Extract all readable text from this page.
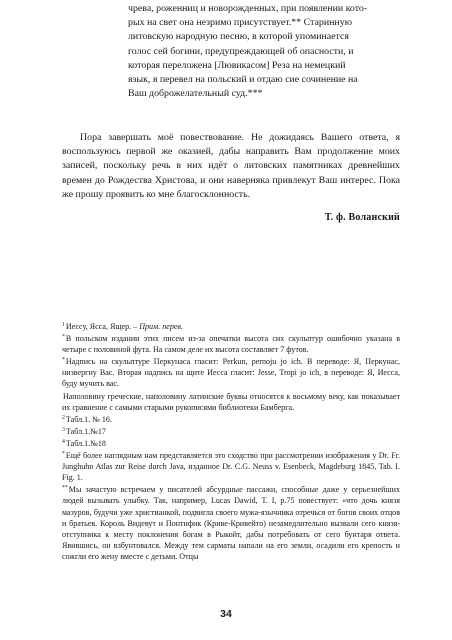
чрева, роженниц и новорожденных, при появлении кото-

рых на свет она незримо присутствует.** Старинную

литовскую народную песню, в которой упоминается

голос сей богини, предупреждающей об опасности, и

которая переложена [Лювикасом] Реза на немецкий

язык, я перевел на польский и отдаю сие сочинение на

Ваш доброжелательный суд.***

Пора завершать моё повествование. Не дожидаясь Вашего ответа, я воспользуюсь первой же оказией, дабы направить Вам продолжение моих записей, поскольку речь в них идёт о литовских памятниках древнейших времен до Рождества Христова, и они наверняка привлекут Ваш интерес. Пока же прошу проявить ко мне благосклонность.

Т. ф. Воланский

$^1$Иессу, Ясса, Ящер. – Прим. перев.

*В польском издании этих писем из-за опечатки высота сих скульптур ошибочно указана в четыре с половиной фута. На самом деле их высота составляет 7 футов.

*Надпись на скульптуре Перкунаса гласит: Perkun, pernoju jo ich. В переводе: Я, Перкунас, низвергну Вас. Вторая надпись на щите Иесса гласит: Jesse, Tropi jo ich, в переводе: Я, Иесса, буду мучить вас.

Наполовину греческие, наполовину латинские буквы относятся к восьмому веку, как показывает их сравнение с самыми старыми рукописями библиотеки Бамберга.

$^2$Табл.1. № 16.

$^3$Табл.1.№17

$^4$Табл.1.№18

*Ещё более наглядным нам представляется это сходство при рассмотрении изображения у Dr. Fr. Junghuhn Atlas zur Reise durch Java, изданное Dr. C.G. Neuss v. Esenbeck, Magdeburg 1845, Tab. I. Fig. 1.

**Мы зачастую встречаем у писателей абсурдные пассажи, способные даже у серьезнейших людей вызывать улыбку. Так, например, Lucas Dawid, T. I, p.75 повествует: «что дочь князя мазуров, будучи уже христианкой, подвигла своего мужа-язычника отречься от богов своих отцов и братьев. Король Видевут и Понтифик (Криве-Кривейто) незамедлительно вызвали сего князя-отступника к месту поклонения богам в Рыкойт, дабы потребовать от сего бунтаря ответа. Явившись, он взбунтовался. Между тем сарматы напали на его земли, осадили его крепость и сожгли его жену вместе с детьми. Отцы

34
